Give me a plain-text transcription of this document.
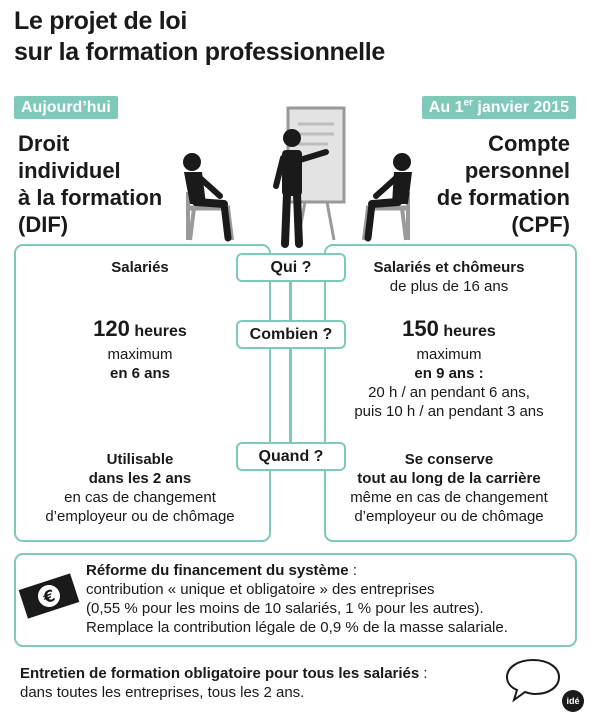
Le projet de loi
sur la formation professionnelle
Aujourd’hui	Au 1er janvier 2015
Droit
individuel
à la formation
(DIF)
Compte
personnel
de formation
(CPF)
Qui ?
Combien ?
Quand ?
Salariés
120 heures
maximum
en 6 ans
Utilisable
dans les 2 ans
en cas de changement
d’employeur ou de chômage
Salariés et chômeurs
de plus de 16 ans
150 heures
maximum
en 9 ans :
20 h / an pendant 6 ans,
puis 10 h / an pendant 3 ans
Se conserve
tout au long de la carrière
même en cas de changement
d’employeur ou de chômage
€
Réforme du financement du système :
contribution « unique et obligatoire » des entreprises
(0,55 % pour les moins de 10 salariés, 1 % pour les autres).
Remplace la contribution légale de 0,9 % de la masse salariale.
Entretien de formation obligatoire pour tous les salariés :
dans toutes les entreprises, tous les 2 ans.	idé
